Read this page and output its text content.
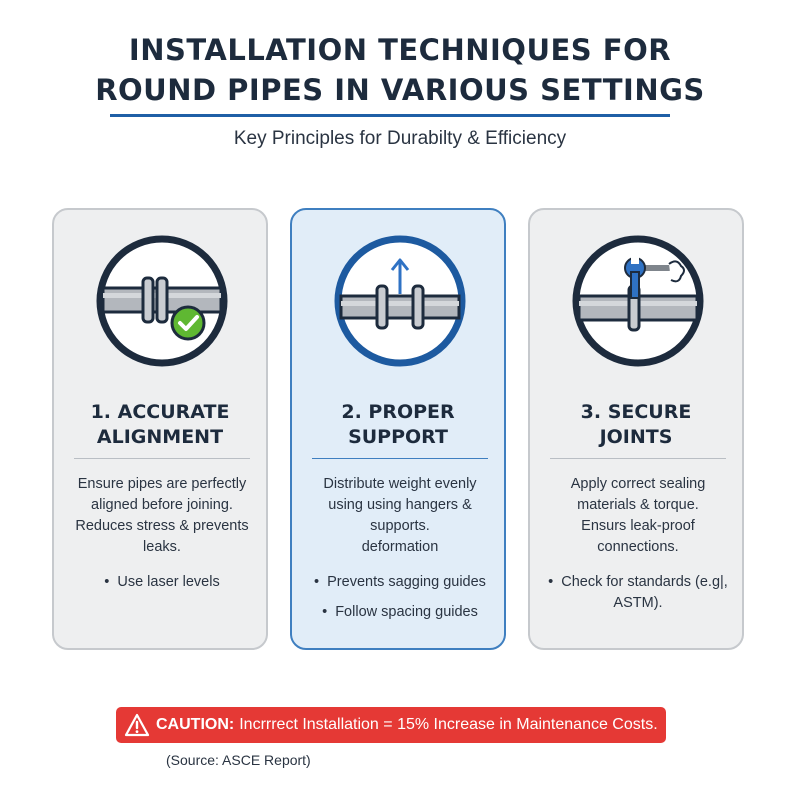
INSTALLATION TECHNIQUES FOR
ROUND PIPES IN VARIOUS SETTINGS
Key Principles for Durabilty & Efficiency
1. ACCURATE
ALIGNMENT
Ensure pipes are perfectly
aligned before joining.
Reduces stress & prevents
leaks.
• Use laser levels
2. PROPER
SUPPORT
Distribute weight evenly
using using hangers &
supports.
deformation
• Prevents sagging guides
• Follow spacing guides
3. SECURE
JOINTS
Apply correct sealing
materials & torque.
Ensurs leak-proof
connections.
• Check for standards (e.g|, ASTM).
CAUTION: Incrrrect Installation = 15% Increase in Maintenance Costs.
(Source: ASCE Report)
